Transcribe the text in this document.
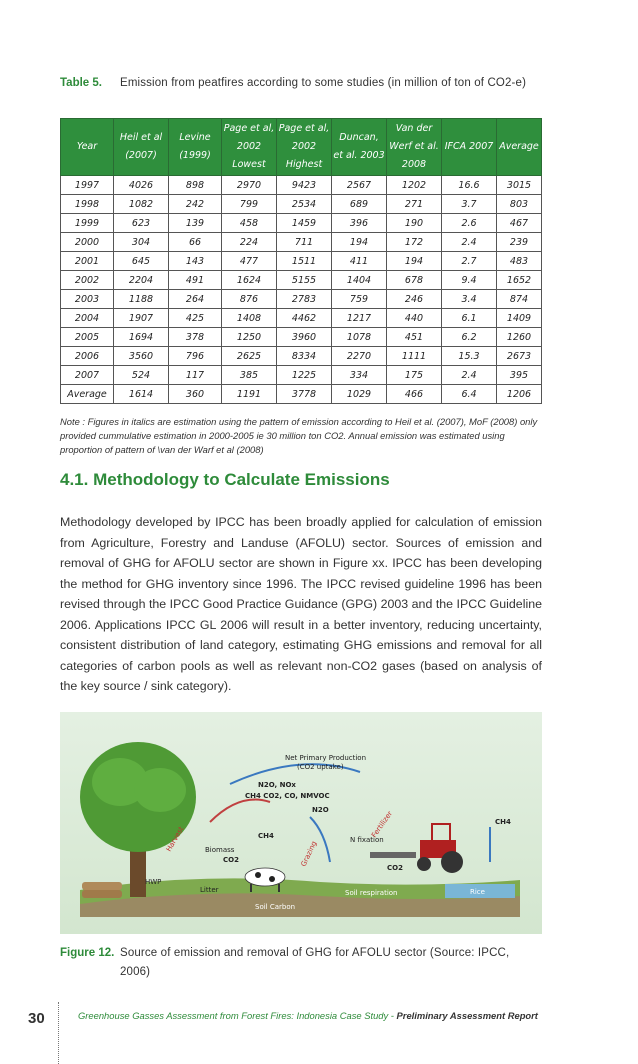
Table 5. Emission from peatfires according to some studies (in million of ton of CO2-e)
Year	Heil et al (2007)	Levine (1999)	Page et al, 2002 Lowest	Page et al, 2002 Highest	Duncan, et al. 2003	Van der Werf et al. 2008	IFCA 2007	Average
1997	4026	898	2970	9423	2567	1202	16.6	3015
1998	1082	242	799	2534	689	271	3.7	803
1999	623	139	458	1459	396	190	2.6	467
2000	304	66	224	711	194	172	2.4	239
2001	645	143	477	1511	411	194	2.7	483
2002	2204	491	1624	5155	1404	678	9.4	1652
2003	1188	264	876	2783	759	246	3.4	874
2004	1907	425	1408	4462	1217	440	6.1	1409
2005	1694	378	1250	3960	1078	451	6.2	1260
2006	3560	796	2625	8334	2270	1111	15.3	2673
2007	524	117	385	1225	334	175	2.4	395
Average	1614	360	1191	3778	1029	466	6.4	1206
Note : Figures in italics are estimation using the pattern of emission according to Heil et al. (2007), MoF (2008) only provided cummulative estimation in 2000-2005 ie 30 million ton CO2. Annual emission was estimated using proportion of pattern of \van der Warf et al (2008)
4.1. Methodology to Calculate Emissions
Methodology developed by IPCC has been broadly applied for calculation of emission from Agriculture, Forestry and Landuse (AFOLU) sector. Sources of emission and removal of GHG for AFOLU sector are shown in Figure xx. IPCC has been developing the method for GHG inventory since 1996. The IPCC revised guideline 1996 has been revised through the IPCC Good Practice Guidance (GPG) 2003 and the IPCC Guideline 2006. Applications IPCC GL 2006 will result in a better inventory, reducing uncertainty, consistent distribution of land category, estimating GHG emissions and removal for all categories of carbon pools as well as relevant non-CO2 gases (based on analysis of the key source / sink category).
Net Primary Production
(CO2 uptake)
N2O, NOx
CH4 CO2, CO, NMVOC
N2O
CH4
Biomass
CO2
Harvest
HWP
Litter
Soil Carbon
Grazing	N fixation
Fertilizer
CO2
CH4
Soil respiration	Rice
Figure 12. Source of emission and removal of GHG for AFOLU sector (Source: IPCC, 2006)
30	Greenhouse Gasses Assessment from Forest Fires: Indonesia Case Study - Preliminary Assessment Report
